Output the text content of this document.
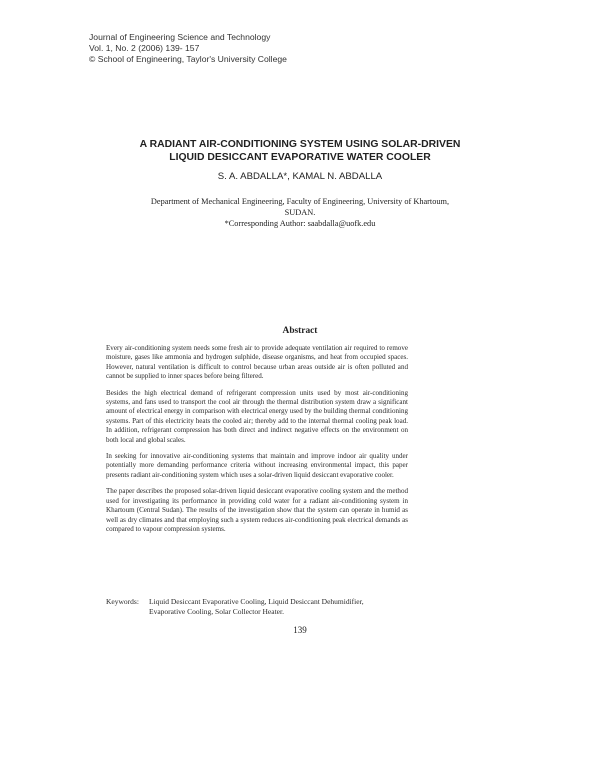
Journal of Engineering Science and Technology
Vol. 1, No. 2 (2006) 139- 157
© School of Engineering, Taylor's University College
A RADIANT AIR-CONDITIONING SYSTEM USING SOLAR-DRIVEN
LIQUID DESICCANT EVAPORATIVE WATER COOLER
S. A. ABDALLA*, KAMAL N. ABDALLA
Department of Mechanical Engineering, Faculty of Engineering, University of Khartoum,
SUDAN.
*Corresponding Author: saabdalla@uofk.edu
Abstract

Every air-conditioning system needs some fresh air to provide adequate ventilation air required to remove moisture, gases like ammonia and hydrogen sulphide, disease organisms, and heat from occupied spaces. However, natural ventilation is difficult to control because urban areas outside air is often polluted and cannot be supplied to inner spaces before being filtered.

Besides the high electrical demand of refrigerant compression units used by most air-conditioning systems, and fans used to transport the cool air through the thermal distribution system draw a significant amount of electrical energy in comparison with electrical energy used by the building thermal conditioning systems. Part of this electricity heats the cooled air; thereby add to the internal thermal cooling peak load. In addition, refrigerant compression has both direct and indirect negative effects on the environment on both local and global scales.

In seeking for innovative air-conditioning systems that maintain and improve indoor air quality under potentially more demanding performance criteria without increasing environmental impact, this paper presents radiant air-conditioning system which uses a solar-driven liquid desiccant evaporative cooler.

The paper describes the proposed solar-driven liquid desiccant evaporative cooling system and the method used for investigating its performance in providing cold water for a radiant air-conditioning system in Khartoum (Central Sudan). The results of the investigation show that the system can operate in humid as well as dry climates and that employing such a system reduces air-conditioning peak electrical demands as compared to vapour compression systems.

Keywords:	Liquid Desiccant Evaporative Cooling, Liquid Desiccant Dehumidifier,
Evaporative Cooling, Solar Collector Heater.
139
